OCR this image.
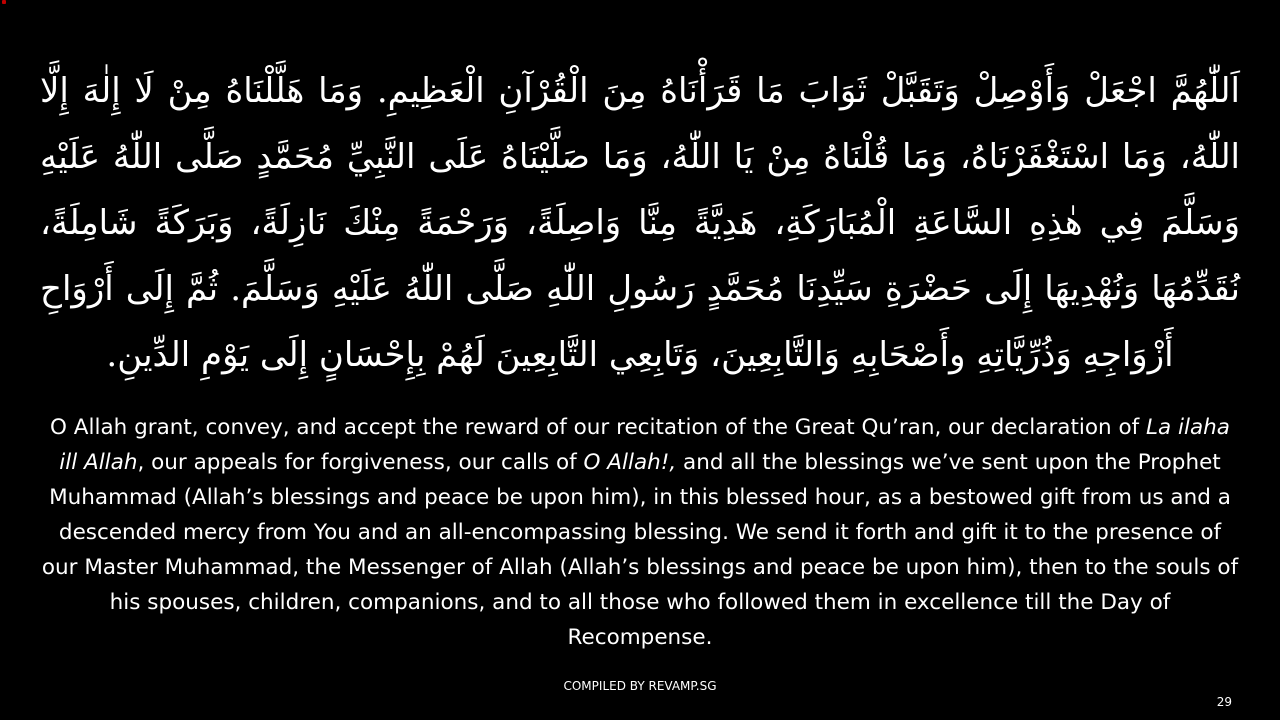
اَللّٰهُمَّ اجْعَلْ وَأَوْصِلْ وَتَقَبَّلْ ثَوَابَ مَا قَرَأْنَاهُ مِنَ الْقُرْآنِ الْعَظِيمِ. وَمَا هَلَّلْنَاهُ مِنْ لَا إِلٰهَ إِلَّا اللّٰهُ، وَمَا اسْتَغْفَرْنَاهُ، وَمَا قُلْنَاهُ مِنْ يَا اللّٰهُ، وَمَا صَلَّيْنَاهُ عَلَى النَّبِيِّ مُحَمَّدٍ صَلَّى اللّٰهُ عَلَيْهِ وَسَلَّمَ فِي هٰذِهِ السَّاعَةِ الْمُبَارَكَةِ، هَدِيَّةً مِنَّا وَاصِلَةً، وَرَحْمَةً مِنْكَ نَازِلَةً، وَبَرَكَةً شَامِلَةً، نُقَدِّمُهَا وَنُهْدِيهَا إِلَى حَضْرَةِ سَيِّدِنَا مُحَمَّدٍ رَسُولِ اللّٰهِ صَلَّى اللّٰهُ عَلَيْهِ وَسَلَّمَ. ثُمَّ إِلَى أَرْوَاحِ أَزْوَاجِهِ وَذُرِّيَّاتِهِ وأَصْحَابِهِ وَالتَّابِعِينَ، وَتَابِعِي التَّابِعِينَ لَهُمْ بِإِحْسَانٍ إِلَى يَوْمِ الدِّينِ.
O Allah grant, convey, and accept the reward of our recitation of the Great Qu’ran, our declaration of La ilaha ill Allah, our appeals for forgiveness, our calls of O Allah!, and all the blessings we’ve sent upon the Prophet Muhammad (Allah’s blessings and peace be upon him), in this blessed hour, as a bestowed gift from us and a descended mercy from You and an all-encompassing blessing. We send it forth and gift it to the presence of our Master Muhammad, the Messenger of Allah (Allah’s blessings and peace be upon him), then to the souls of his spouses, children, companions, and to all those who followed them in excellence till the Day of Recompense.
COMPILED BY REVAMP.SG
29
